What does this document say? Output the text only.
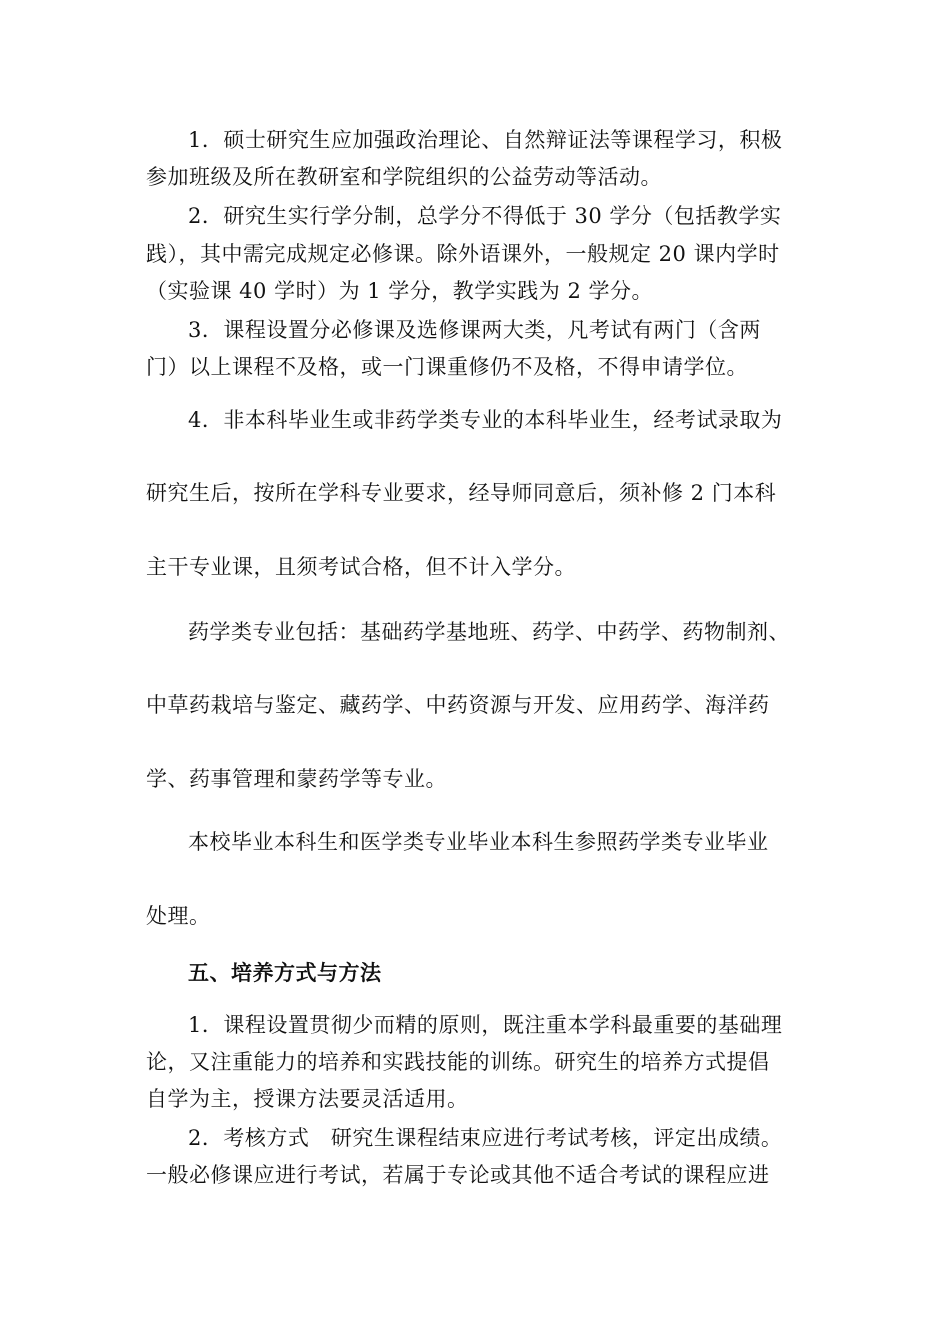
1．硕士研究生应加强政治理论、自然辩证法等课程学习，积极
参加班级及所在教研室和学院组织的公益劳动等活动。
2．研究生实行学分制，总学分不得低于 30 学分（包括教学实
践），其中需完成规定必修课。除外语课外，一般规定 20 课内学时
（实验课 40 学时）为 1 学分，教学实践为 2 学分。
3．课程设置分必修课及选修课两大类，凡考试有两门（含两
门）以上课程不及格，或一门课重修仍不及格，不得申请学位。
4．非本科毕业生或非药学类专业的本科毕业生，经考试录取为
研究生后，按所在学科专业要求，经导师同意后，须补修 2 门本科
主干专业课，且须考试合格，但不计入学分。
药学类专业包括：基础药学基地班、药学、中药学、药物制剂、
中草药栽培与鉴定、藏药学、中药资源与开发、应用药学、海洋药
学、药事管理和蒙药学等专业。
本校毕业本科生和医学类专业毕业本科生参照药学类专业毕业
处理。
五、培养方式与方法
1．课程设置贯彻少而精的原则，既注重本学科最重要的基础理
论，又注重能力的培养和实践技能的训练。研究生的培养方式提倡
自学为主，授课方法要灵活适用。
2．考核方式　研究生课程结束应进行考试考核，评定出成绩。
一般必修课应进行考试，若属于专论或其他不适合考试的课程应进
